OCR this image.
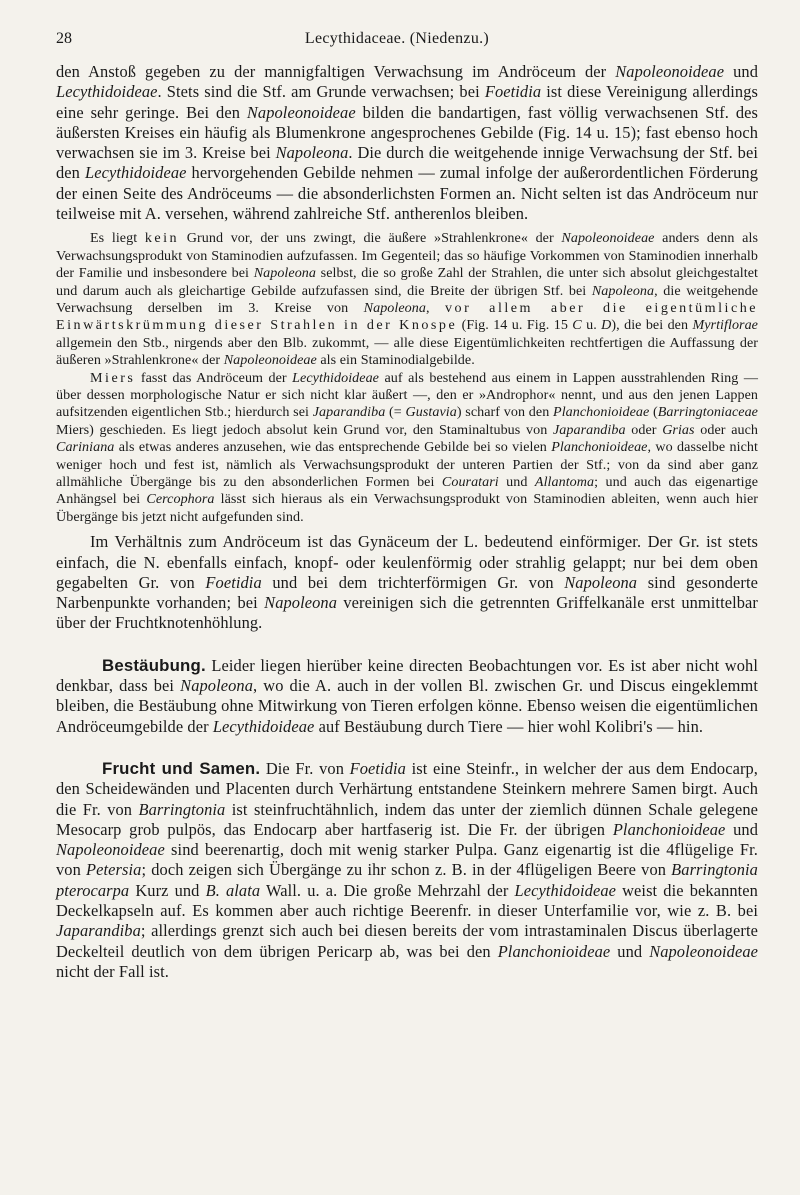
28	Lecythidaceae. (Niedenzu.)

den Anstoß gegeben zu der mannigfaltigen Verwachsung im Andröceum der Napoleonoideae und Lecythidoideae. Stets sind die Stf. am Grunde verwachsen; bei Foetidia ist diese Vereinigung allerdings eine sehr geringe. Bei den Napoleonoideae bilden die bandartigen, fast völlig verwachsenen Stf. des äußersten Kreises ein häufig als Blumenkrone angesprochenes Gebilde (Fig. 14 u. 15); fast ebenso hoch verwachsen sie im 3. Kreise bei Napoleona. Die durch die weitgehende innige Verwachsung der Stf. bei den Lecythidoideae hervorgehenden Gebilde nehmen — zumal infolge der außerordentlichen Förderung der einen Seite des Andröceums — die absonderlichsten Formen an. Nicht selten ist das Andröceum nur teilweise mit A. versehen, während zahlreiche Stf. antherenlos bleiben.

Es liegt kein Grund vor, der uns zwingt, die äußere »Strahlenkrone« der Napoleonoideae anders denn als Verwachsungsprodukt von Staminodien aufzufassen. Im Gegenteil; das so häufige Vorkommen von Staminodien innerhalb der Familie und insbesondere bei Napoleona selbst, die so große Zahl der Strahlen, die unter sich absolut gleichgestaltet und darum auch als gleichartige Gebilde aufzufassen sind, die Breite der übrigen Stf. bei Napoleona, die weitgehende Verwachsung derselben im 3. Kreise von Napoleona, vor allem aber die eigentümliche Einwärtskrümmung dieser Strahlen in der Knospe (Fig. 14 u. Fig. 15 C u. D), die bei den Myrtiflorae allgemein den Stb., nirgends aber den Blb. zukommt, — alle diese Eigentümlichkeiten rechtfertigen die Auffassung der äußeren »Strahlenkrone« der Napoleonoideae als ein Staminodialgebilde.

Miers fasst das Andröceum der Lecythidoideae auf als bestehend aus einem in Lappen ausstrahlenden Ring — über dessen morphologische Natur er sich nicht klar äußert —, den er »Androphor« nennt, und aus den jenen Lappen aufsitzenden eigentlichen Stb.; hierdurch sei Japarandiba (= Gustavia) scharf von den Planchonioideae (Barringtoniaceae Miers) geschieden. Es liegt jedoch absolut kein Grund vor, den Staminaltubus von Japarandiba oder Grias oder auch Cariniana als etwas anderes anzusehen, wie das entsprechende Gebilde bei so vielen Planchonioideae, wo dasselbe nicht weniger hoch und fest ist, nämlich als Verwachsungsprodukt der unteren Partien der Stf.; von da sind aber ganz allmähliche Übergänge bis zu den absonderlichen Formen bei Couratari und Allantoma; und auch das eigenartige Anhängsel bei Cercophora lässt sich hieraus als ein Verwachsungsprodukt von Staminodien ableiten, wenn auch hier Übergänge bis jetzt nicht aufgefunden sind.

Im Verhältnis zum Andröceum ist das Gynäceum der L. bedeutend einförmiger. Der Gr. ist stets einfach, die N. ebenfalls einfach, knopf- oder keulenförmig oder strahlig gelappt; nur bei dem oben gegabelten Gr. von Foetidia und bei dem trichterförmigen Gr. von Napoleona sind gesonderte Narbenpunkte vorhanden; bei Napoleona vereinigen sich die getrennten Griffelkanäle erst unmittelbar über der Fruchtknotenhöhlung.

Bestäubung. Leider liegen hierüber keine directen Beobachtungen vor. Es ist aber nicht wohl denkbar, dass bei Napoleona, wo die A. auch in der vollen Bl. zwischen Gr. und Discus eingeklemmt bleiben, die Bestäubung ohne Mitwirkung von Tieren erfolgen könne. Ebenso weisen die eigentümlichen Andröceumgebilde der Lecythidoideae auf Bestäubung durch Tiere — hier wohl Kolibri's — hin.

Frucht und Samen. Die Fr. von Foetidia ist eine Steinfr., in welcher der aus dem Endocarp, den Scheidewänden und Placenten durch Verhärtung entstandene Steinkern mehrere Samen birgt. Auch die Fr. von Barringtonia ist steinfruchtähnlich, indem das unter der ziemlich dünnen Schale gelegene Mesocarp grob pulpös, das Endocarp aber hartfaserig ist. Die Fr. der übrigen Planchonioideae und Napoleonoideae sind beerenartig, doch mit wenig starker Pulpa. Ganz eigenartig ist die 4flügelige Fr. von Petersia; doch zeigen sich Übergänge zu ihr schon z. B. in der 4flügeligen Beere von Barringtonia pterocarpa Kurz und B. alata Wall. u. a. Die große Mehrzahl der Lecythidoideae weist die bekannten Deckelkapseln auf. Es kommen aber auch richtige Beerenfr. in dieser Unterfamilie vor, wie z. B. bei Japarandiba; allerdings grenzt sich auch bei diesen bereits der vom intrastaminalen Discus überlagerte Deckelteil deutlich von dem übrigen Pericarp ab, was bei den Planchonioideae und Napoleonoideae nicht der Fall ist.
